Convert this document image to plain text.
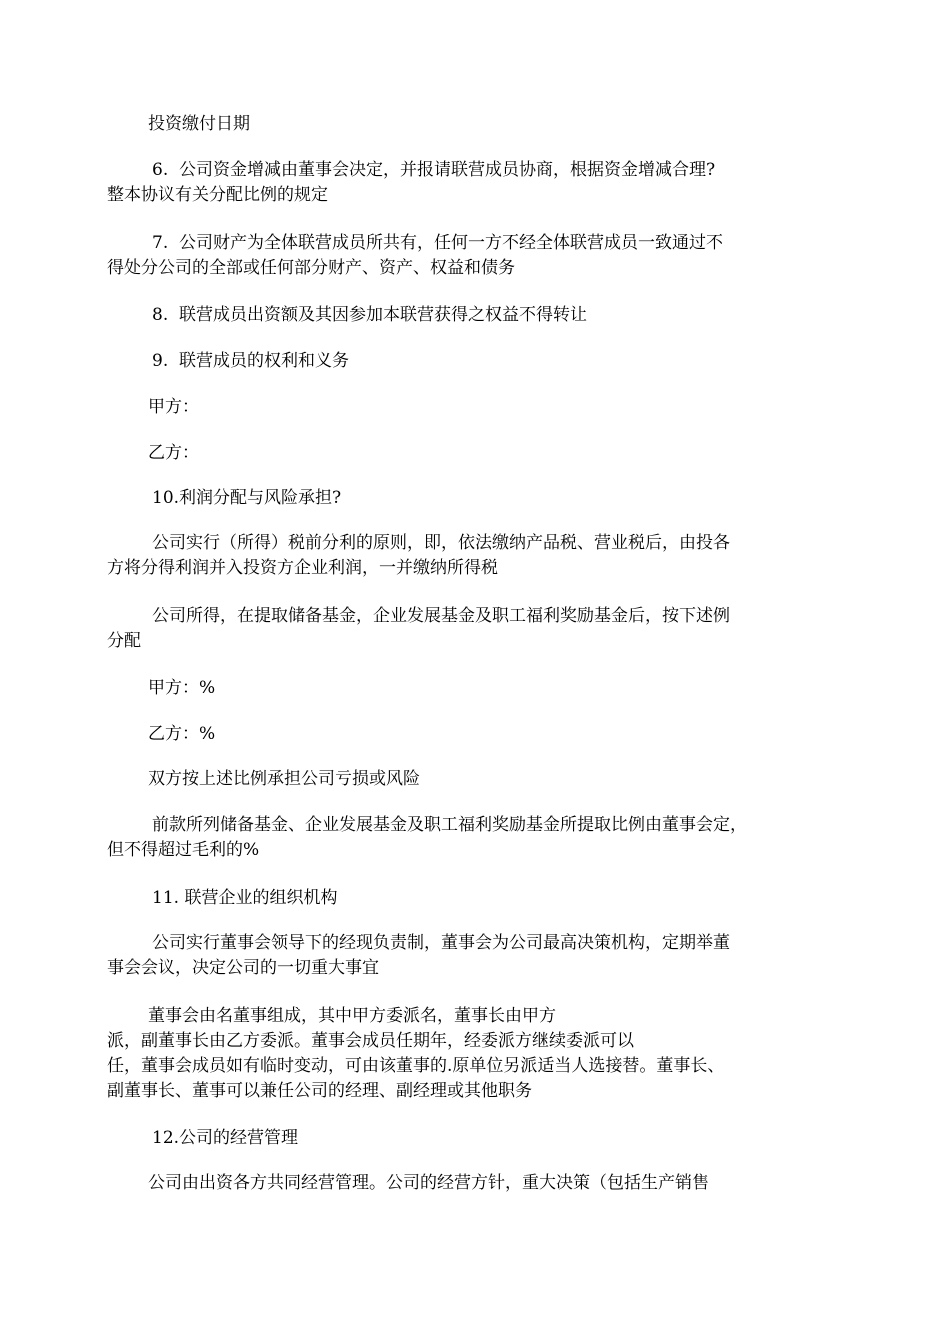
投资缴付日期
6.  公司资金增减由董事会决定，并报请联营成员协商，根据资金增减合理?
整本协议有关分配比例的规定
7.  公司财产为全体联营成员所共有，任何一方不经全体联营成员一致通过不
得处分公司的全部或任何部分财产、资产、权益和债务
8.  联营成员出资额及其因参加本联营获得之权益不得转让
9.  联营成员的权利和义务
甲方：
乙方：
10.利润分配与风险承担?
公司实行（所得）税前分利的原则，即，依法缴纳产品税、营业税后，由投各
方将分得利润并入投资方企业利润，一并缴纳所得税
公司所得，在提取储备基金，企业发展基金及职工福利奖励基金后，按下述例
分配
甲方：%
乙方：%
双方按上述比例承担公司亏损或风险
前款所列储备基金、企业发展基金及职工福利奖励基金所提取比例由董事会定，
但不得超过毛利的%
11. 联营企业的组织机构
公司实行董事会领导下的经现负责制，董事会为公司最高决策机构，定期举董
事会会议，决定公司的一切重大事宜
董事会由名董事组成，其中甲方委派名，董事长由甲方
派，副董事长由乙方委派。董事会成员任期年，经委派方继续委派可以
任，董事会成员如有临时变动，可由该董事的.原单位另派适当人选接替。董事长、
副董事长、董事可以兼任公司的经理、副经理或其他职务
12.公司的经营管理
公司由出资各方共同经营管理。公司的经营方针，重大决策（包括生产销售
